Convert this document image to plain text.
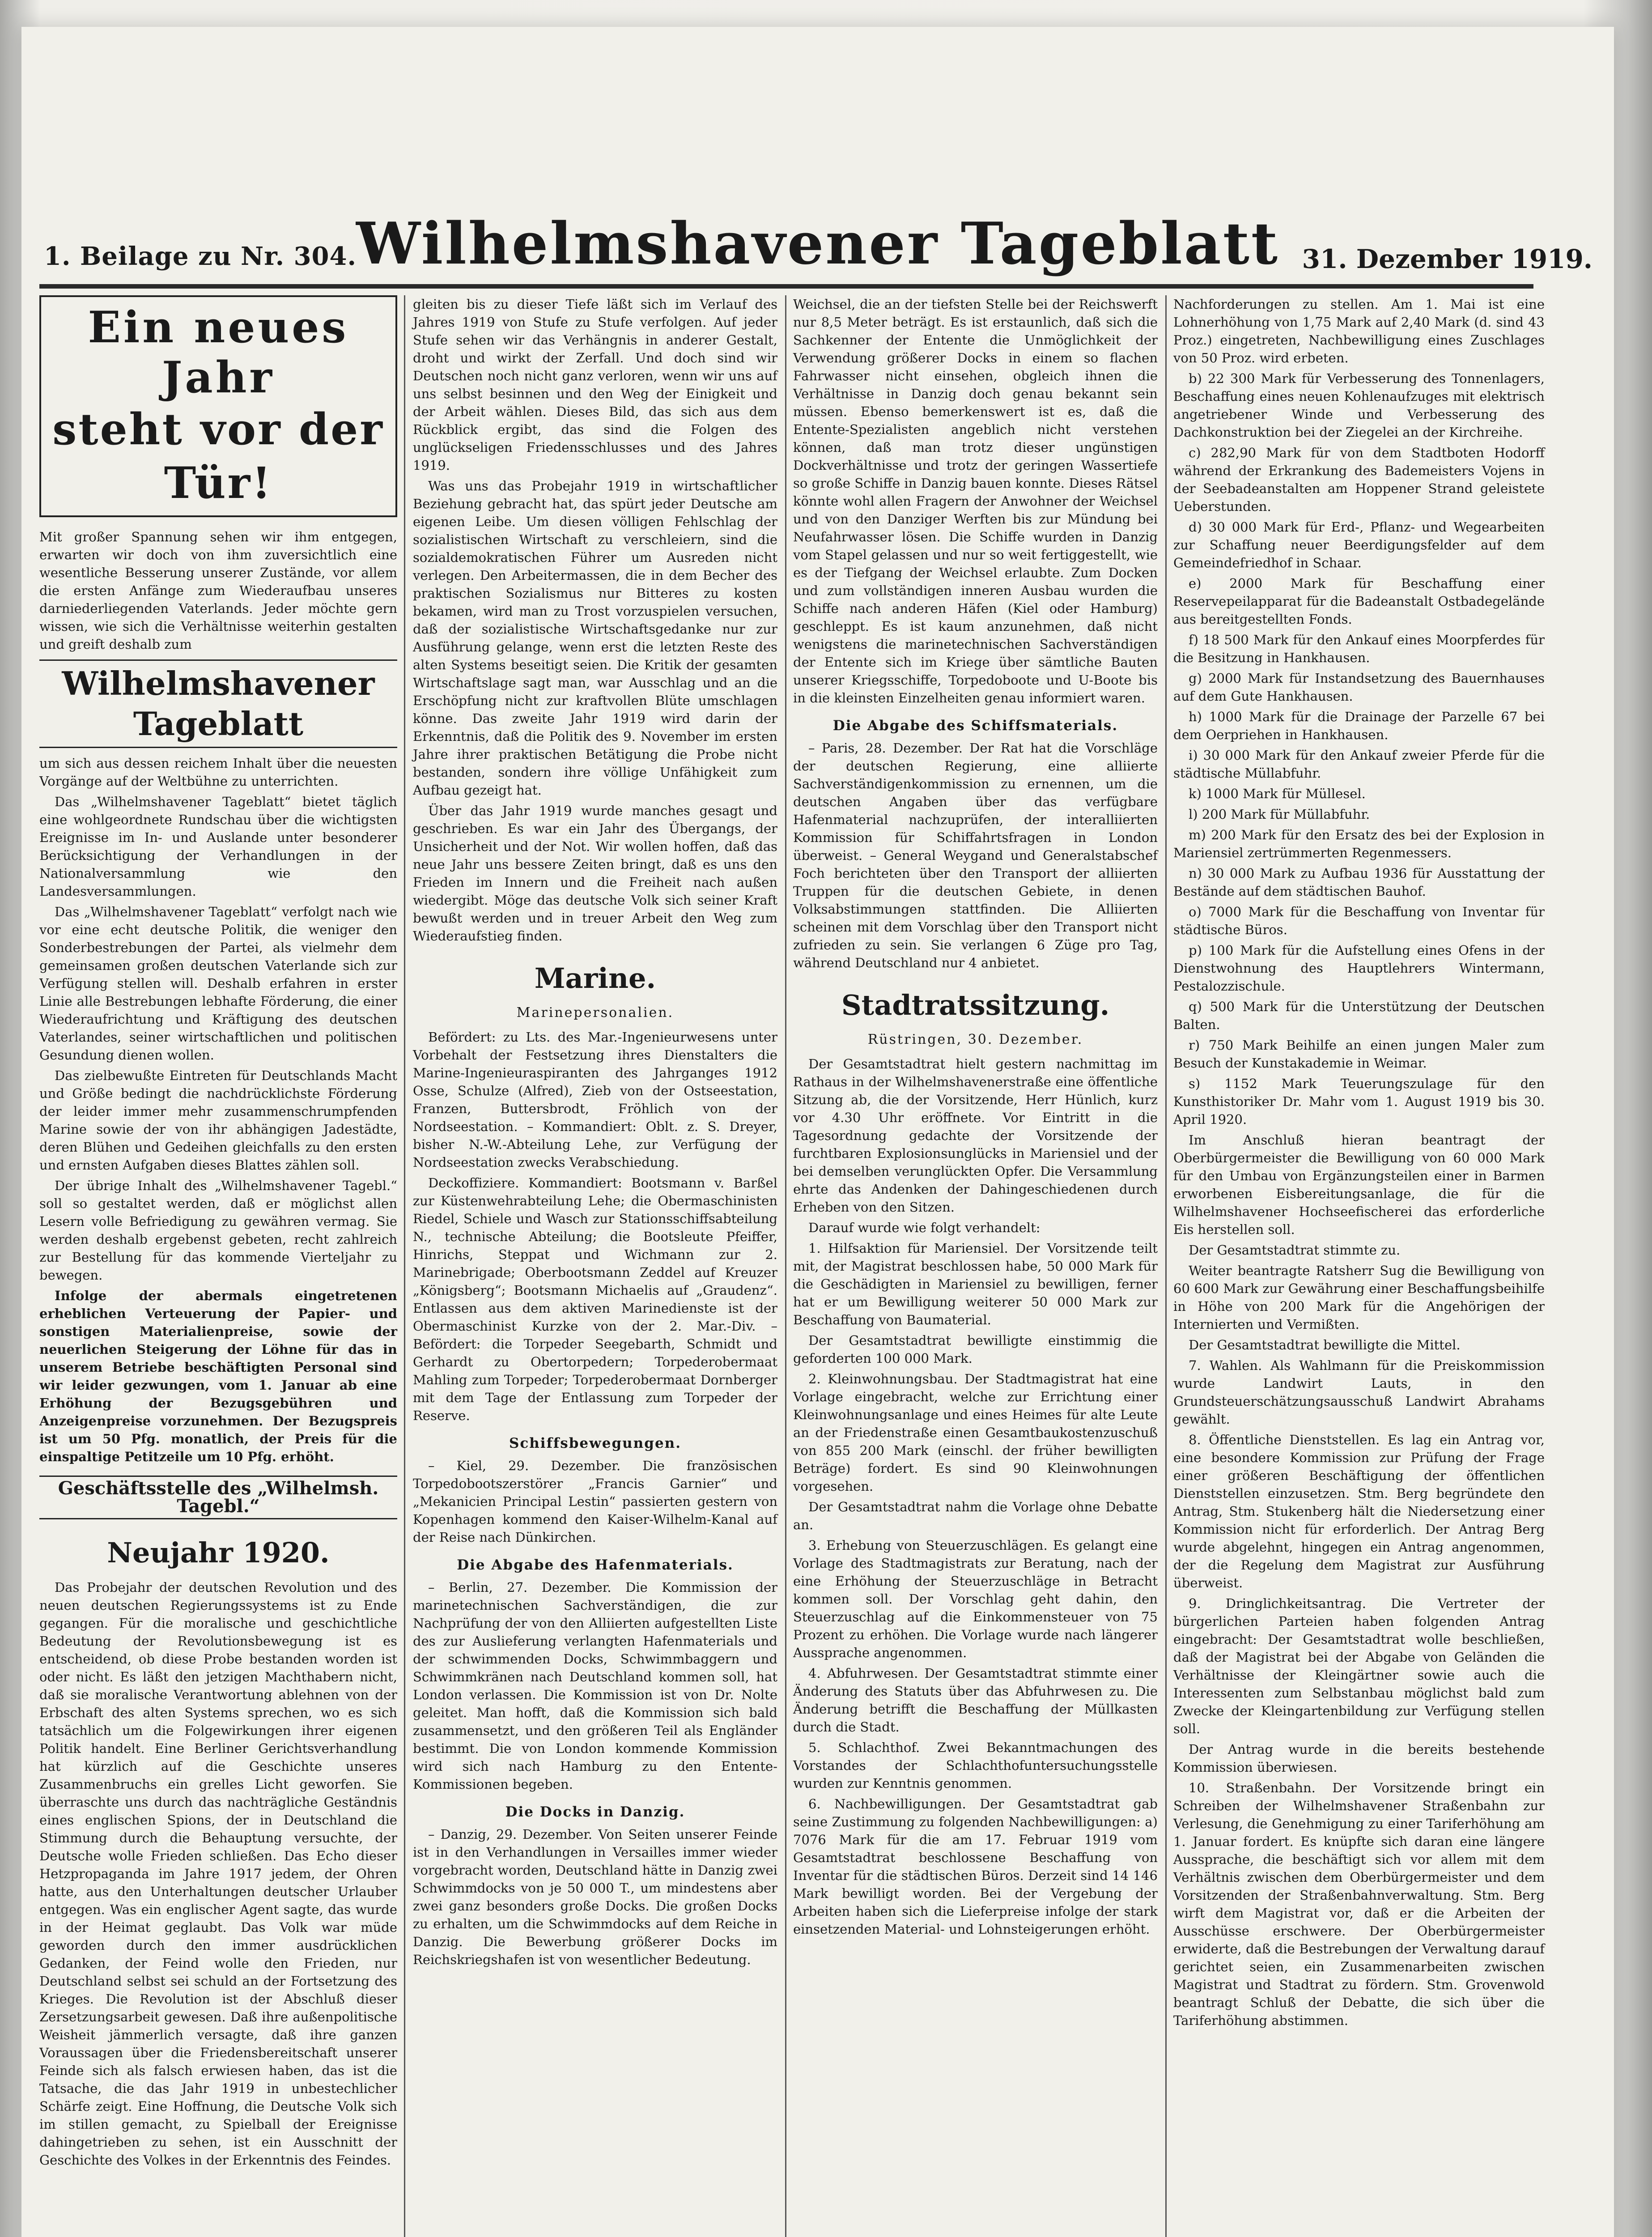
1. Beilage zu Nr. 304. Wilhelmshavener Tageblatt 31. Dezember 1919.
Ein neues Jahr
steht vor der Tür!

Mit großer Spannung sehen wir ihm entgegen, erwarten wir doch von ihm zuversichtlich eine wesentliche Besserung unserer Zustände, vor allem die ersten Anfänge zum Wiederaufbau unseres darniederliegenden Vaterlands. Jeder möchte gern wissen, wie sich die Verhältnisse weiterhin gestalten und greift deshalb zum

Wilhelmshavener Tageblatt

um sich aus dessen reichem Inhalt über die neuesten Vorgänge auf der Weltbühne zu unterrichten.

Das „Wilhelmshavener Tageblatt“ bietet täglich eine wohlgeordnete Rundschau über die wichtigsten Ereignisse im In- und Auslande unter besonderer Berücksichtigung der Verhandlungen in der Nationalversammlung wie den Landesversammlungen.

Das „Wilhelmshavener Tageblatt“ verfolgt nach wie vor eine echt deutsche Politik, die weniger den Sonderbestrebungen der Partei, als vielmehr dem gemeinsamen großen deutschen Vaterlande sich zur Verfügung stellen will. Deshalb erfahren in erster Linie alle Bestrebungen lebhafte Förderung, die einer Wiederaufrichtung und Kräftigung des deutschen Vaterlandes, seiner wirtschaftlichen und politischen Gesundung dienen wollen.

Das zielbewußte Eintreten für Deutschlands Macht und Größe bedingt die nachdrücklichste Förderung der leider immer mehr zusammenschrumpfenden Marine sowie der von ihr abhängigen Jadestädte, deren Blühen und Gedeihen gleichfalls zu den ersten und ernsten Aufgaben dieses Blattes zählen soll.

Der übrige Inhalt des „Wilhelmshavener Tagebl.“ soll so gestaltet werden, daß er möglichst allen Lesern volle Befriedigung zu gewähren vermag. Sie werden deshalb ergebenst gebeten, recht zahlreich zur Bestellung für das kommende Vierteljahr zu bewegen.

Infolge der abermals eingetretenen erheblichen Verteuerung der Papier- und sonstigen Materialienpreise, sowie der neuerlichen Steigerung der Löhne für das in unserem Betriebe beschäftigten Personal sind wir leider gezwungen, vom 1. Januar ab eine Erhöhung der Bezugsgebühren und Anzeigenpreise vorzunehmen. Der Bezugspreis ist um 50 Pfg. monatlich, der Preis für die einspaltige Petitzeile um 10 Pfg. erhöht.

Geschäftsstelle des „Wilhelmsh. Tagebl.“
Neujahr 1920.

Das Probejahr der deutschen Revolution und des neuen deutschen Regierungssystems ist zu Ende gegangen. Für die moralische und geschichtliche Bedeutung der Revolutionsbewegung ist es entscheidend, ob diese Probe bestanden worden ist oder nicht. Es läßt den jetzigen Machthabern nicht, daß sie moralische Verantwortung ablehnen von der Erbschaft des alten Systems sprechen, wo es sich tatsächlich um die Folgewirkungen ihrer eigenen Politik handelt. Eine Berliner Gerichtsverhandlung hat kürzlich auf die Geschichte unseres Zusammenbruchs ein grelles Licht geworfen. Sie überraschte uns durch das nachträgliche Geständnis eines englischen Spions, der in Deutschland die Stimmung durch die Behauptung versuchte, der Deutsche wolle Frieden schließen. Das Echo dieser Hetzpropaganda im Jahre 1917 jedem, der Ohren hatte, aus den Unterhaltungen deutscher Urlauber entgegen. Was ein englischer Agent sagte, das wurde in der Heimat geglaubt. Das Volk war müde geworden durch den immer ausdrücklichen Gedanken, der Feind wolle den Frieden, nur Deutschland selbst sei schuld an der Fortsetzung des Krieges. Die Revolution ist der Abschluß dieser Zersetzungsarbeit gewesen. Daß ihre außenpolitische Weisheit jämmerlich versagte, daß ihre ganzen Voraussagen über die Friedensbereitschaft unserer Feinde sich als falsch erwiesen haben, das ist die Tatsache, die das Jahr 1919 in unbestechlicher Schärfe zeigt. Eine Hoffnung, die Deutsche Volk sich im stillen gemacht, zu Spielball der Ereignisse dahingetrieben zu sehen, ist ein Ausschnitt der Geschichte des Volkes in der Erkenntnis des Feindes.

gleiten bis zu dieser Tiefe läßt sich im Verlauf des Jahres 1919 von Stufe zu Stufe verfolgen. Auf jeder Stufe sehen wir das Verhängnis in anderer Gestalt, droht und wirkt der Zerfall. Und doch sind wir Deutschen noch nicht ganz verloren, wenn wir uns auf uns selbst besinnen und den Weg der Einigkeit und der Arbeit wählen. Dieses Bild, das sich aus dem Rückblick ergibt, das sind die Folgen des unglückseligen Friedensschlusses und des Jahres 1919.

Was uns das Probejahr 1919 in wirtschaftlicher Beziehung gebracht hat, das spürt jeder Deutsche am eigenen Leibe. Um diesen völligen Fehlschlag der sozialistischen Wirtschaft zu verschleiern, sind die sozialdemokratischen Führer um Ausreden nicht verlegen. Den Arbeitermassen, die in dem Becher des praktischen Sozialismus nur Bitteres zu kosten bekamen, wird man zu Trost vorzuspielen versuchen, daß der sozialistische Wirtschaftsgedanke nur zur Ausführung gelange, wenn erst die letzten Reste des alten Systems beseitigt seien. Die Kritik der gesamten Wirtschaftslage sagt man, war Ausschlag und an die Erschöpfung nicht zur kraftvollen Blüte umschlagen könne. Das zweite Jahr 1919 wird darin der Erkenntnis, daß die Politik des 9. November im ersten Jahre ihrer praktischen Betätigung die Probe nicht bestanden, sondern ihre völlige Unfähigkeit zum Aufbau gezeigt hat.

Über das Jahr 1919 wurde manches gesagt und geschrieben. Es war ein Jahr des Übergangs, der Unsicherheit und der Not. Wir wollen hoffen, daß das neue Jahr uns bessere Zeiten bringt, daß es uns den Frieden im Innern und die Freiheit nach außen wiedergibt. Möge das deutsche Volk sich seiner Kraft bewußt werden und in treuer Arbeit den Weg zum Wiederaufstieg finden.

Marine.
Marinepersonalien.

Befördert: zu Lts. des Mar.-Ingenieurwesens unter Vorbehalt der Festsetzung ihres Dienstalters die Marine-Ingenieuraspiranten des Jahrganges 1912 Osse, Schulze (Alfred), Zieb von der Ostseestation, Franzen, Buttersbrodt, Fröhlich von der Nordseestation. – Kommandiert: Oblt. z. S. Dreyer, bisher N.-W.-Abteilung Lehe, zur Verfügung der Nordseestation zwecks Verabschiedung.

Deckoffiziere. Kommandiert: Bootsmann v. Barßel zur Küstenwehrabteilung Lehe; die Obermaschinisten Riedel, Schiele und Wasch zur Stationsschiffsabteilung N., technische Abteilung; die Bootsleute Pfeiffer, Hinrichs, Steppat und Wichmann zur 2. Marinebrigade; Oberbootsmann Zeddel auf Kreuzer „Königsberg“; Bootsmann Michaelis auf „Graudenz“. Entlassen aus dem aktiven Marinedienste ist der Obermaschinist Kurzke von der 2. Mar.-Div. – Befördert: die Torpeder Seegebarth, Schmidt und Gerhardt zu Obertorpedern; Torpederobermaat Mahling zum Torpeder; Torpederobermaat Dornberger mit dem Tage der Entlassung zum Torpeder der Reserve.

Schiffsbewegungen.

– Kiel, 29. Dezember. Die französischen Torpedobootszerstörer „Francis Garnier“ und „Mekanicien Principal Lestin“ passierten gestern von Kopenhagen kommend den Kaiser-Wilhelm-Kanal auf der Reise nach Dünkirchen.

Die Abgabe des Hafenmaterials.

– Berlin, 27. Dezember. Die Kommission der marinetechnischen Sachverständigen, die zur Nachprüfung der von den Alliierten aufgestellten Liste des zur Auslieferung verlangten Hafenmaterials und der schwimmenden Docks, Schwimmbaggern und Schwimmkränen nach Deutschland kommen soll, hat London verlassen. Die Kommission ist von Dr. Nolte geleitet. Man hofft, daß die Kommission sich bald zusammensetzt, und den größeren Teil als Engländer bestimmt. Die von London kommende Kommission wird sich nach Hamburg zu den Entente-Kommissionen begeben.

Die Docks in Danzig.

– Danzig, 29. Dezember. Von Seiten unserer Feinde ist in den Verhandlungen in Versailles immer wieder vorgebracht worden, Deutschland hätte in Danzig zwei Schwimmdocks von je 50 000 T., um mindestens aber zwei ganz besonders große Docks. Die großen Docks zu erhalten, um die Schwimmdocks auf dem Reiche in Danzig. Die Bewerbung größerer Docks im Reichskriegshafen ist von wesentlicher Bedeutung.

Weichsel, die an der tiefsten Stelle bei der Reichswerft nur 8,5 Meter beträgt. Es ist erstaunlich, daß sich die Sachkenner der Entente die Unmöglichkeit der Verwendung größerer Docks in einem so flachen Fahrwasser nicht einsehen, obgleich ihnen die Verhältnisse in Danzig doch genau bekannt sein müssen. Ebenso bemerkenswert ist es, daß die Entente-Spezialisten angeblich nicht verstehen können, daß man trotz dieser ungünstigen Dockverhältnisse und trotz der geringen Wassertiefe so große Schiffe in Danzig bauen konnte. Dieses Rätsel könnte wohl allen Fragern der Anwohner der Weichsel und von den Danziger Werften bis zur Mündung bei Neufahrwasser lösen. Die Schiffe wurden in Danzig vom Stapel gelassen und nur so weit fertiggestellt, wie es der Tiefgang der Weichsel erlaubte. Zum Docken und zum vollständigen inneren Ausbau wurden die Schiffe nach anderen Häfen (Kiel oder Hamburg) geschleppt. Es ist kaum anzunehmen, daß nicht wenigstens die marinetechnischen Sachverständigen der Entente sich im Kriege über sämtliche Bauten unserer Kriegsschiffe, Torpedoboote und U-Boote bis in die kleinsten Einzelheiten genau informiert waren.

Die Abgabe des Schiffsmaterials.

– Paris, 28. Dezember. Der Rat hat die Vorschläge der deutschen Regierung, eine alliierte Sachverständigenkommission zu ernennen, um die deutschen Angaben über das verfügbare Hafenmaterial nachzuprüfen, der interalliierten Kommission für Schiffahrtsfragen in London überweist. – General Weygand und Generalstabschef Foch berichteten über den Transport der alliierten Truppen für die deutschen Gebiete, in denen Volksabstimmungen stattfinden. Die Alliierten scheinen mit dem Vorschlag über den Transport nicht zufrieden zu sein. Sie verlangen 6 Züge pro Tag, während Deutschland nur 4 anbietet.

Stadtratssitzung.
Rüstringen, 30. Dezember.

Der Gesamtstadtrat hielt gestern nachmittag im Rathaus in der Wilhelmshavenerstraße eine öffentliche Sitzung ab, die der Vorsitzende, Herr Hünlich, kurz vor 4.30 Uhr eröffnete. Vor Eintritt in die Tagesordnung gedachte der Vorsitzende der furchtbaren Explosionsunglücks in Mariensiel und der bei demselben verunglückten Opfer. Die Versammlung ehrte das Andenken der Dahingeschiedenen durch Erheben von den Sitzen.

Darauf wurde wie folgt verhandelt:

1. Hilfsaktion für Mariensiel. Der Vorsitzende teilt mit, der Magistrat beschlossen habe, 50 000 Mark für die Geschädigten in Mariensiel zu bewilligen, ferner hat er um Bewilligung weiterer 50 000 Mark zur Beschaffung von Baumaterial.

Der Gesamtstadtrat bewilligte einstimmig die geforderten 100 000 Mark.

2. Kleinwohnungsbau. Der Stadtmagistrat hat eine Vorlage eingebracht, welche zur Errichtung einer Kleinwohnungsanlage und eines Heimes für alte Leute an der Friedenstraße einen Gesamtbaukostenzuschuß von 855 200 Mark (einschl. der früher bewilligten Beträge) fordert. Es sind 90 Kleinwohnungen vorgesehen.

Der Gesamtstadtrat nahm die Vorlage ohne Debatte an.

3. Erhebung von Steuerzuschlägen. Es gelangt eine Vorlage des Stadtmagistrats zur Beratung, nach der eine Erhöhung der Steuerzuschläge in Betracht kommen soll. Der Vorschlag geht dahin, den Steuerzuschlag auf die Einkommensteuer von 75 Prozent zu erhöhen. Die Vorlage wurde nach längerer Aussprache angenommen.

4. Abfuhrwesen. Der Gesamtstadtrat stimmte einer Änderung des Statuts über das Abfuhrwesen zu. Die Änderung betrifft die Beschaffung der Müllkasten durch die Stadt.

5. Schlachthof. Zwei Bekanntmachungen des Vorstandes der Schlachthofuntersuchungsstelle wurden zur Kenntnis genommen.

6. Nachbewilligungen. Der Gesamtstadtrat gab seine Zustimmung zu folgenden Nachbewilligungen: a) 7076 Mark für die am 17. Februar 1919 vom Gesamtstadtrat beschlossene Beschaffung von Inventar für die städtischen Büros. Derzeit sind 14 146 Mark bewilligt worden. Bei der Vergebung der Arbeiten haben sich die Lieferpreise infolge der stark einsetzenden Material- und Lohnsteigerungen erhöht.

Nachforderungen zu stellen. Am 1. Mai ist eine Lohnerhöhung von 1,75 Mark auf 2,40 Mark (d. sind 43 Proz.) eingetreten, Nachbewilligung eines Zuschlages von 50 Proz. wird erbeten.

b) 22 300 Mark für Verbesserung des Tonnenlagers, Beschaffung eines neuen Kohlenaufzuges mit elektrisch angetriebener Winde und Verbesserung des Dachkonstruktion bei der Ziegelei an der Kirchreihe.

c) 282,90 Mark für von dem Stadtboten Hodorff während der Erkrankung des Bademeisters Vojens in der Seebadeanstalten am Hoppener Strand geleistete Ueberstunden.

d) 30 000 Mark für Erd-, Pflanz- und Wegearbeiten zur Schaffung neuer Beerdigungsfelder auf dem Gemeindefriedhof in Schaar.

e) 2000 Mark für Beschaffung einer Reservepeilapparat für die Badeanstalt Ostbadegelände aus bereitgestellten Fonds.

f) 18 500 Mark für den Ankauf eines Moorpferdes für die Besitzung in Hankhausen.

g) 2000 Mark für Instandsetzung des Bauernhauses auf dem Gute Hankhausen.

h) 1000 Mark für die Drainage der Parzelle 67 bei dem Oerpriehen in Hankhausen.

i) 30 000 Mark für den Ankauf zweier Pferde für die städtische Müllabfuhr.

k) 1000 Mark für Müllesel.

l) 200 Mark für Müllabfuhr.

m) 200 Mark für den Ersatz des bei der Explosion in Mariensiel zertrümmerten Regenmessers.

n) 30 000 Mark zu Aufbau 1936 für Ausstattung der Bestände auf dem städtischen Bauhof.

o) 7000 Mark für die Beschaffung von Inventar für städtische Büros.

p) 100 Mark für die Aufstellung eines Ofens in der Dienstwohnung des Hauptlehrers Wintermann, Pestalozzischule.

q) 500 Mark für die Unterstützung der Deutschen Balten.

r) 750 Mark Beihilfe an einen jungen Maler zum Besuch der Kunstakademie in Weimar.

s) 1152 Mark Teuerungszulage für den Kunsthistoriker Dr. Mahr vom 1. August 1919 bis 30. April 1920.

Im Anschluß hieran beantragt der Oberbürgermeister die Bewilligung von 60 000 Mark für den Umbau von Ergänzungsteilen einer in Barmen erworbenen Eisbereitungsanlage, die für die Wilhelmshavener Hochseefischerei das erforderliche Eis herstellen soll.

Der Gesamtstadtrat stimmte zu.

Weiter beantragte Ratsherr Sug die Bewilligung von 60 600 Mark zur Gewährung einer Beschaffungsbeihilfe in Höhe von 200 Mark für die Angehörigen der Internierten und Vermißten.

Der Gesamtstadtrat bewilligte die Mittel.

7. Wahlen. Als Wahlmann für die Preiskommission wurde Landwirt Lauts, in den Grundsteuerschätzungsausschuß Landwirt Abrahams gewählt.

8. Öffentliche Dienststellen. Es lag ein Antrag vor, eine besondere Kommission zur Prüfung der Frage einer größeren Beschäftigung der öffentlichen Dienststellen einzusetzen. Stm. Berg begründete den Antrag, Stm. Stukenberg hält die Niedersetzung einer Kommission nicht für erforderlich. Der Antrag Berg wurde abgelehnt, hingegen ein Antrag angenommen, der die Regelung dem Magistrat zur Ausführung überweist.

9. Dringlichkeitsantrag. Die Vertreter der bürgerlichen Parteien haben folgenden Antrag eingebracht: Der Gesamtstadtrat wolle beschließen, daß der Magistrat bei der Abgabe von Geländen die Verhältnisse der Kleingärtner sowie auch die Interessenten zum Selbstanbau möglichst bald zum Zwecke der Kleingartenbildung zur Verfügung stellen soll.

Der Antrag wurde in die bereits bestehende Kommission überwiesen.

10. Straßenbahn. Der Vorsitzende bringt ein Schreiben der Wilhelmshavener Straßenbahn zur Verlesung, die Genehmigung zu einer Tariferhöhung am 1. Januar fordert. Es knüpfte sich daran eine längere Aussprache, die beschäftigt sich vor allem mit dem Verhältnis zwischen dem Oberbürgermeister und dem Vorsitzenden der Straßenbahnverwaltung. Stm. Berg wirft dem Magistrat vor, daß er die Arbeiten der Ausschüsse erschwere. Der Oberbürgermeister erwiderte, daß die Bestrebungen der Verwaltung darauf gerichtet seien, ein Zusammenarbeiten zwischen Magistrat und Stadtrat zu fördern. Stm. Grovenwold beantragt Schluß der Debatte, die sich über die Tariferhöhung abstimmen.
